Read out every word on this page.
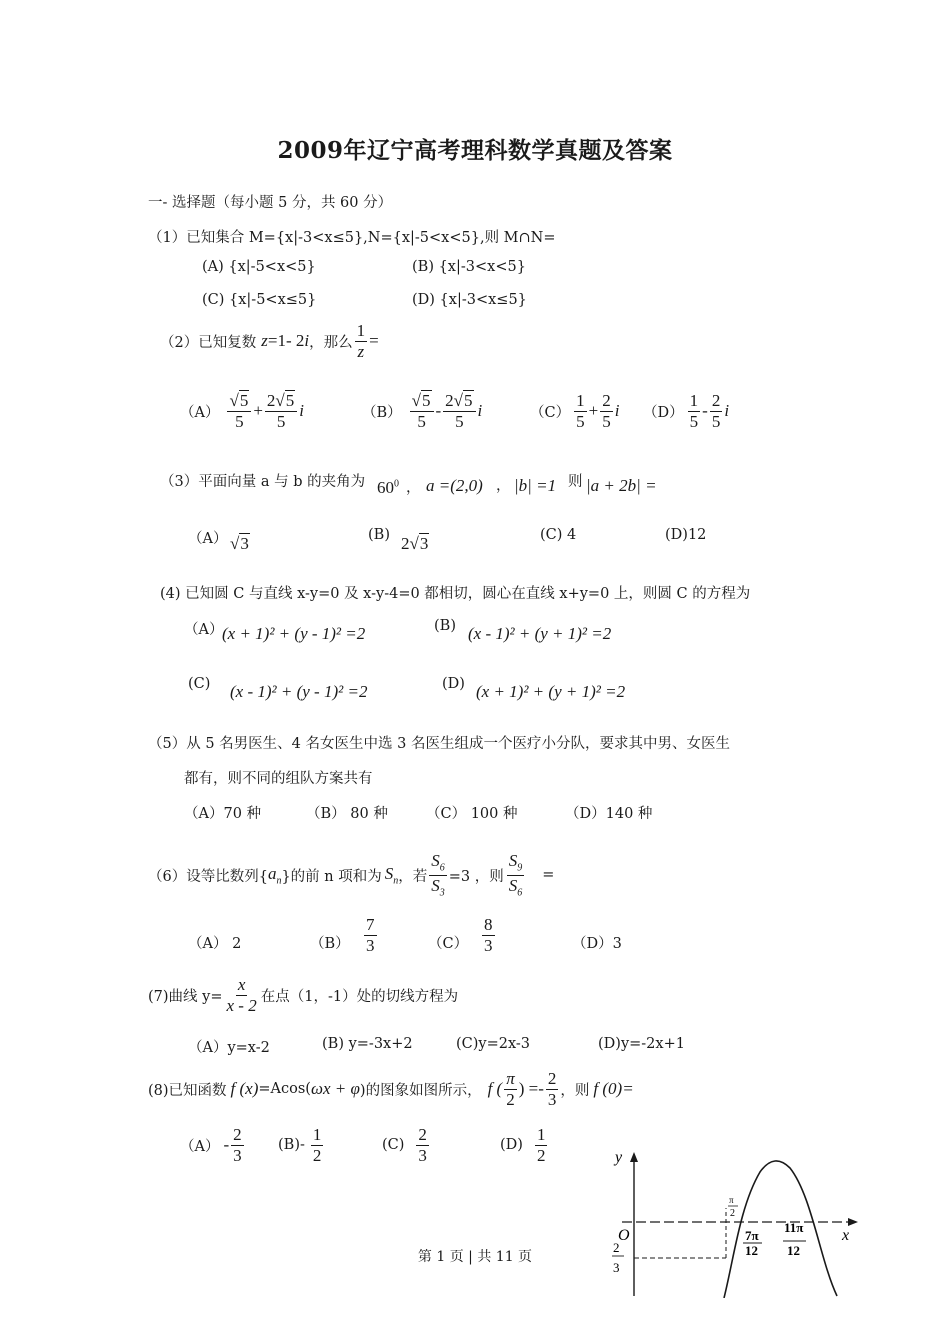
2009年辽宁高考理科数学真题及答案
一- 选择题（每小题 5 分，共 60 分）
（1）已知集合 M={x|-3<x≤5},N={x|-5<x<5},则 M∩N=
(A) {x|-5<x<5}	(B) {x|-3<x<5}
(C) {x|-5<x≤5}	(D) {x|-3<x≤5}
（2）已知复数 z =1- 2 i ，那么 $\frac{1}{z}$ =
$(A) \frac{√5}{5} + \frac{2√5}{5}$ i	$(B) \frac{√5}{5} - \frac{2√5}{5}$ i	$(C) \frac{1}{5} + \frac{2}{5}$ i $(D) \frac{1}{5} - \frac{2}{5}$ i
（3）平面向量 a 与 b 的夹角为 $60^0$ ， a =(2,0) ， |b| =1 则 |a + 2b| =
（A） √3	(B) 2√3	(C) 4	(D)12
(4) 已知圆 C 与直线 x-y=0 及 x-y-4=0 都相切，圆心在直线 x+y=0 上，则圆 C 的方程为
（A）
(x + 1)² + (y - 1)² =2	(B) (x - 1)² + (y + 1)² =2
(C) (x - 1)² + (y - 1)² =2	(D) (x + 1)² + (y + 1)² =2
（5）从 5 名男医生、4 名女医生中选 3 名医生组成一个医疗小分队，要求其中男、女医生
都有，则不同的组队方案共有
（A）70 种	（B） 80 种	（C） 100 种	（D）140 种
（6）设等比数列{ $a_n$ }的前 n 项和为 $S_n$ ，若 $\frac{S_6}{S_3} =3$ ，则 $\frac{S_9}{S_6}$ =
（A） 2	$(B) \frac{7}{3}$	$(C) \frac{8}{3}$	（D）3
(7)曲线 $y= \frac{x}{x - 2}$ 在点（1，-1）处的切线方程为
（A）y=x-2	(B) y=-3x+2	(C)y=2x-3	(D)y=-2x+1
(8)已知函数 f (x) =Acos( ωx + φ )的图象如图所示， f ( $\frac{\pi}{2}$ ) =- $\frac{2}{3}$ ，则 f (0)=
$(A) - \frac{2}{3} (B)- \frac{1}{2}$	$(C) \frac{2}{3}$	$(D) \frac{1}{2}$	y
x
O
π
2
7π
12
11π
12
2
3
第 1 页 | 共 11 页
